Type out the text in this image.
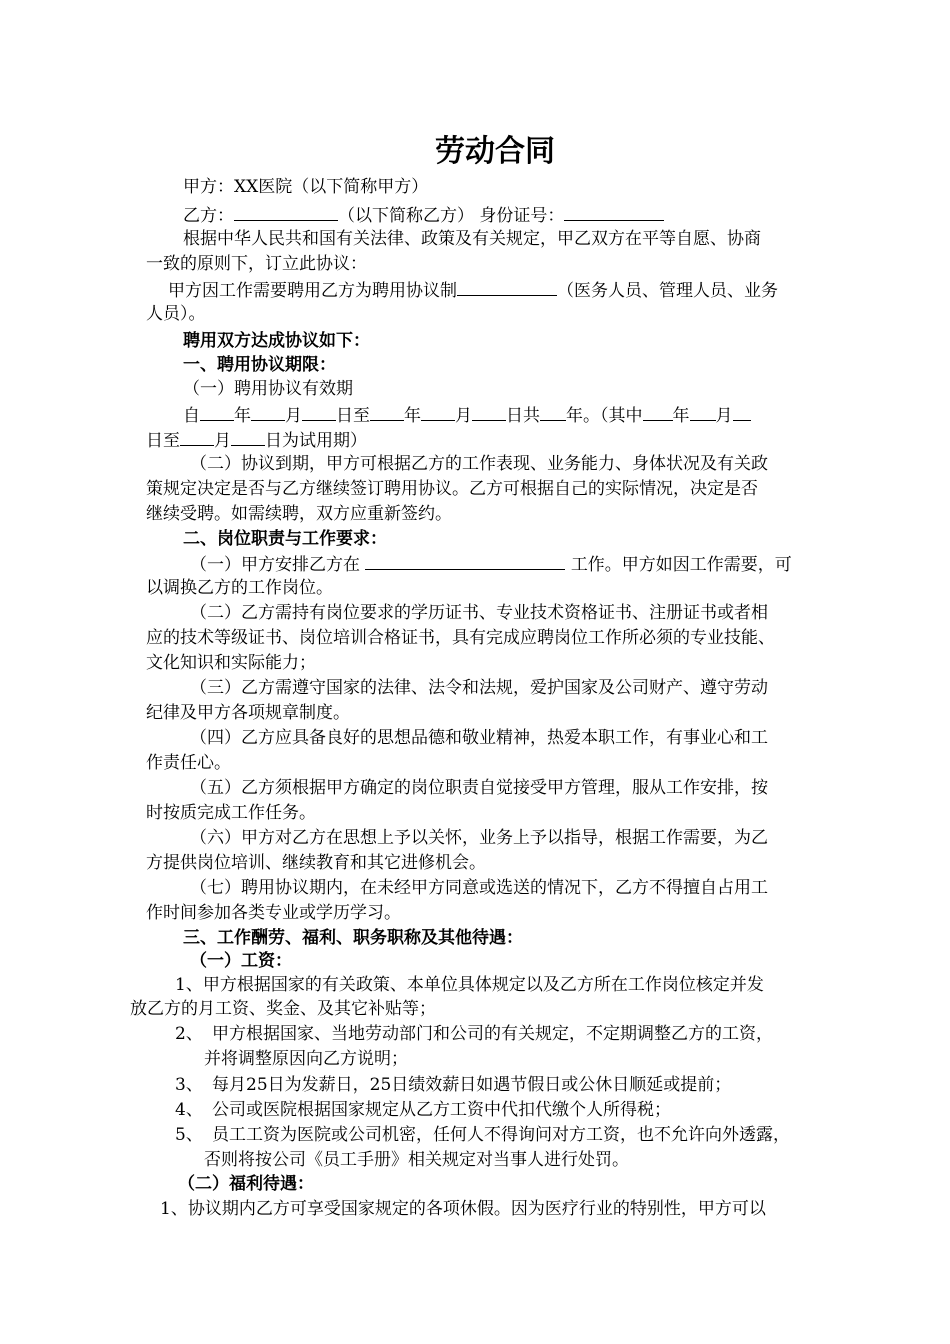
劳动合同
甲方：XX医院（以下简称甲方）
乙方：	（以下简称乙方） 身份证号：
根据中华人民共和国有关法律、政策及有关规定，甲乙双方在平等自愿、协商
一致的原则下，订立此协议：
甲方因工作需要聘用乙方为聘用协议制	（医务人员、管理人员、业务
人员）。
聘用双方达成协议如下：
一、聘用协议期限：
（一）聘用协议有效期
自 年 月 日至 年 月 日共 年。（其中 年 月
日至 月 日为试用期）
（二）协议到期，甲方可根据乙方的工作表现、业务能力、身体状况及有关政
策规定决定是否与乙方继续签订聘用协议。乙方可根据自己的实际情况，决定是否
继续受聘。如需续聘，双方应重新签约。
二、岗位职责与工作要求：
（一）甲方安排乙方在	工作。甲方如因工作需要，可
以调换乙方的工作岗位。
（二）乙方需持有岗位要求的学历证书、专业技术资格证书、注册证书或者相
应的技术等级证书、岗位培训合格证书，具有完成应聘岗位工作所必须的专业技能、
文化知识和实际能力；
（三）乙方需遵守国家的法律、法令和法规，爱护国家及公司财产、遵守劳动
纪律及甲方各项规章制度。
（四）乙方应具备良好的思想品德和敬业精神，热爱本职工作，有事业心和工
作责任心。
（五）乙方须根据甲方确定的岗位职责自觉接受甲方管理，服从工作安排，按
时按质完成工作任务。
（六）甲方对乙方在思想上予以关怀，业务上予以指导，根据工作需要，为乙
方提供岗位培训、继续教育和其它进修机会。
（七）聘用协议期内，在未经甲方同意或选送的情况下，乙方不得擅自占用工
作时间参加各类专业或学历学习。
三、工作酬劳、福利、职务职称及其他待遇：
（一）工资：
1、甲方根据国家的有关政策、本单位具体规定以及乙方所在工作岗位核定并发
放乙方的月工资、奖金、及其它补贴等；
2、 甲方根据国家、当地劳动部门和公司的有关规定，不定期调整乙方的工资，
并将调整原因向乙方说明；
3、 每月25日为发薪日，25日绩效薪日如遇节假日或公休日顺延或提前；
4、 公司或医院根据国家规定从乙方工资中代扣代缴个人所得税；
5、 员工工资为医院或公司机密，任何人不得询问对方工资，也不允许向外透露，
否则将按公司《员工手册》相关规定对当事人进行处罚。
（二）福利待遇：
1、协议期内乙方可享受国家规定的各项休假。因为医疗行业的特别性，甲方可以
